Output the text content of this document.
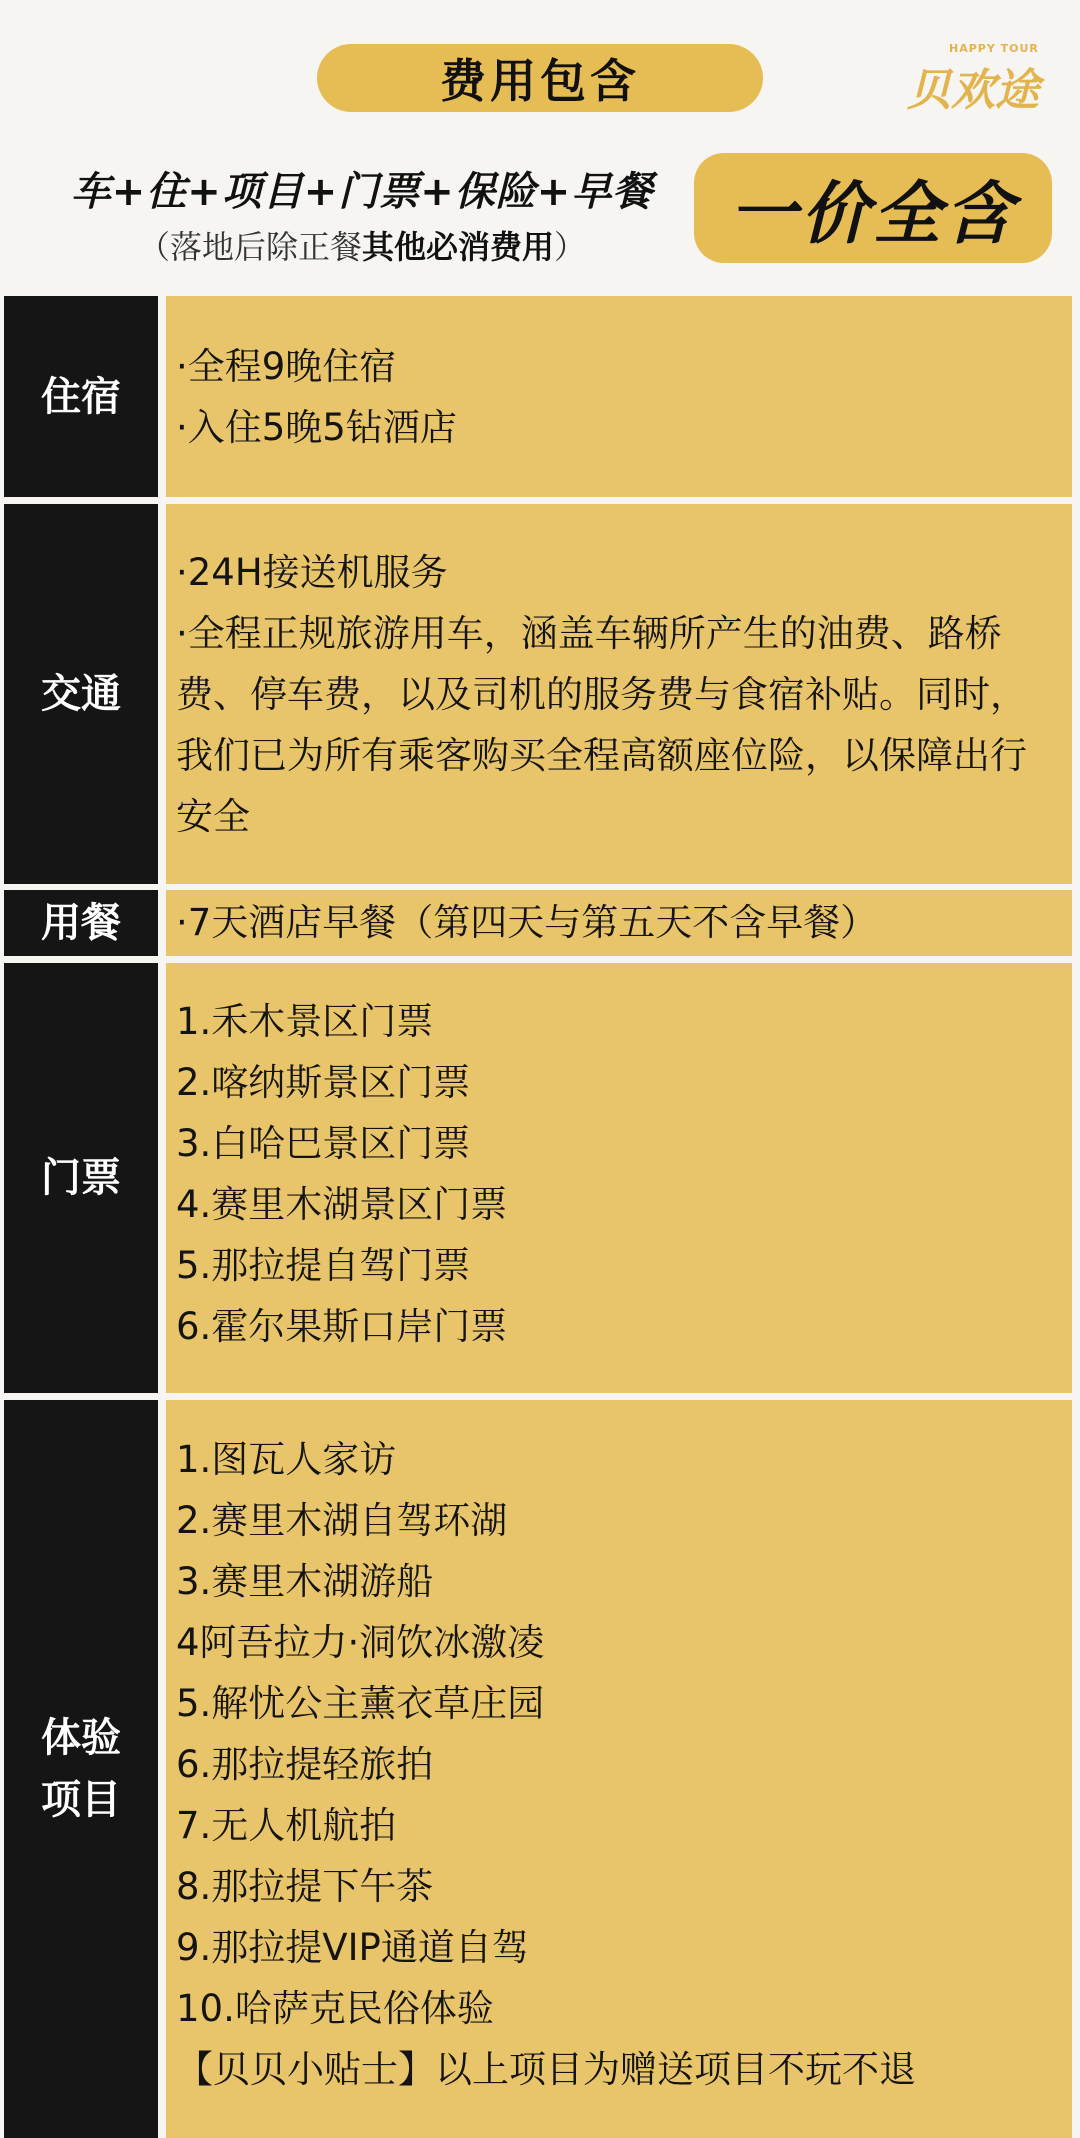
费用包含
HAPPY TOUR
贝欢途
车+住+项目+门票+保险+早餐
（落地后除正餐其他必消费用）	一价全含
住宿
·全程9晚住宿
·入住5晚5钻酒店
交通
·24H接送机服务
·全程正规旅游用车，涵盖车辆所产生的油费、路桥费、停车费，以及司机的服务费与食宿补贴。同时，我们已为所有乘客购买全程高额座位险，以保障出行安全
用餐	·7天酒店早餐（第四天与第五天不含早餐）
门票
1.禾木景区门票
2.喀纳斯景区门票
3.白哈巴景区门票
4.赛里木湖景区门票
5.那拉提自驾门票
6.霍尔果斯口岸门票
体验
项目
1.图瓦人家访
2.赛里木湖自驾环湖
3.赛里木湖游船
4阿吾拉力·洞饮冰激凌
5.解忧公主薰衣草庄园
6.那拉提轻旅拍
7.无人机航拍
8.那拉提下午茶
9.那拉提VIP通道自驾
10.哈萨克民俗体验
【贝贝小贴士】以上项目为赠送项目不玩不退
